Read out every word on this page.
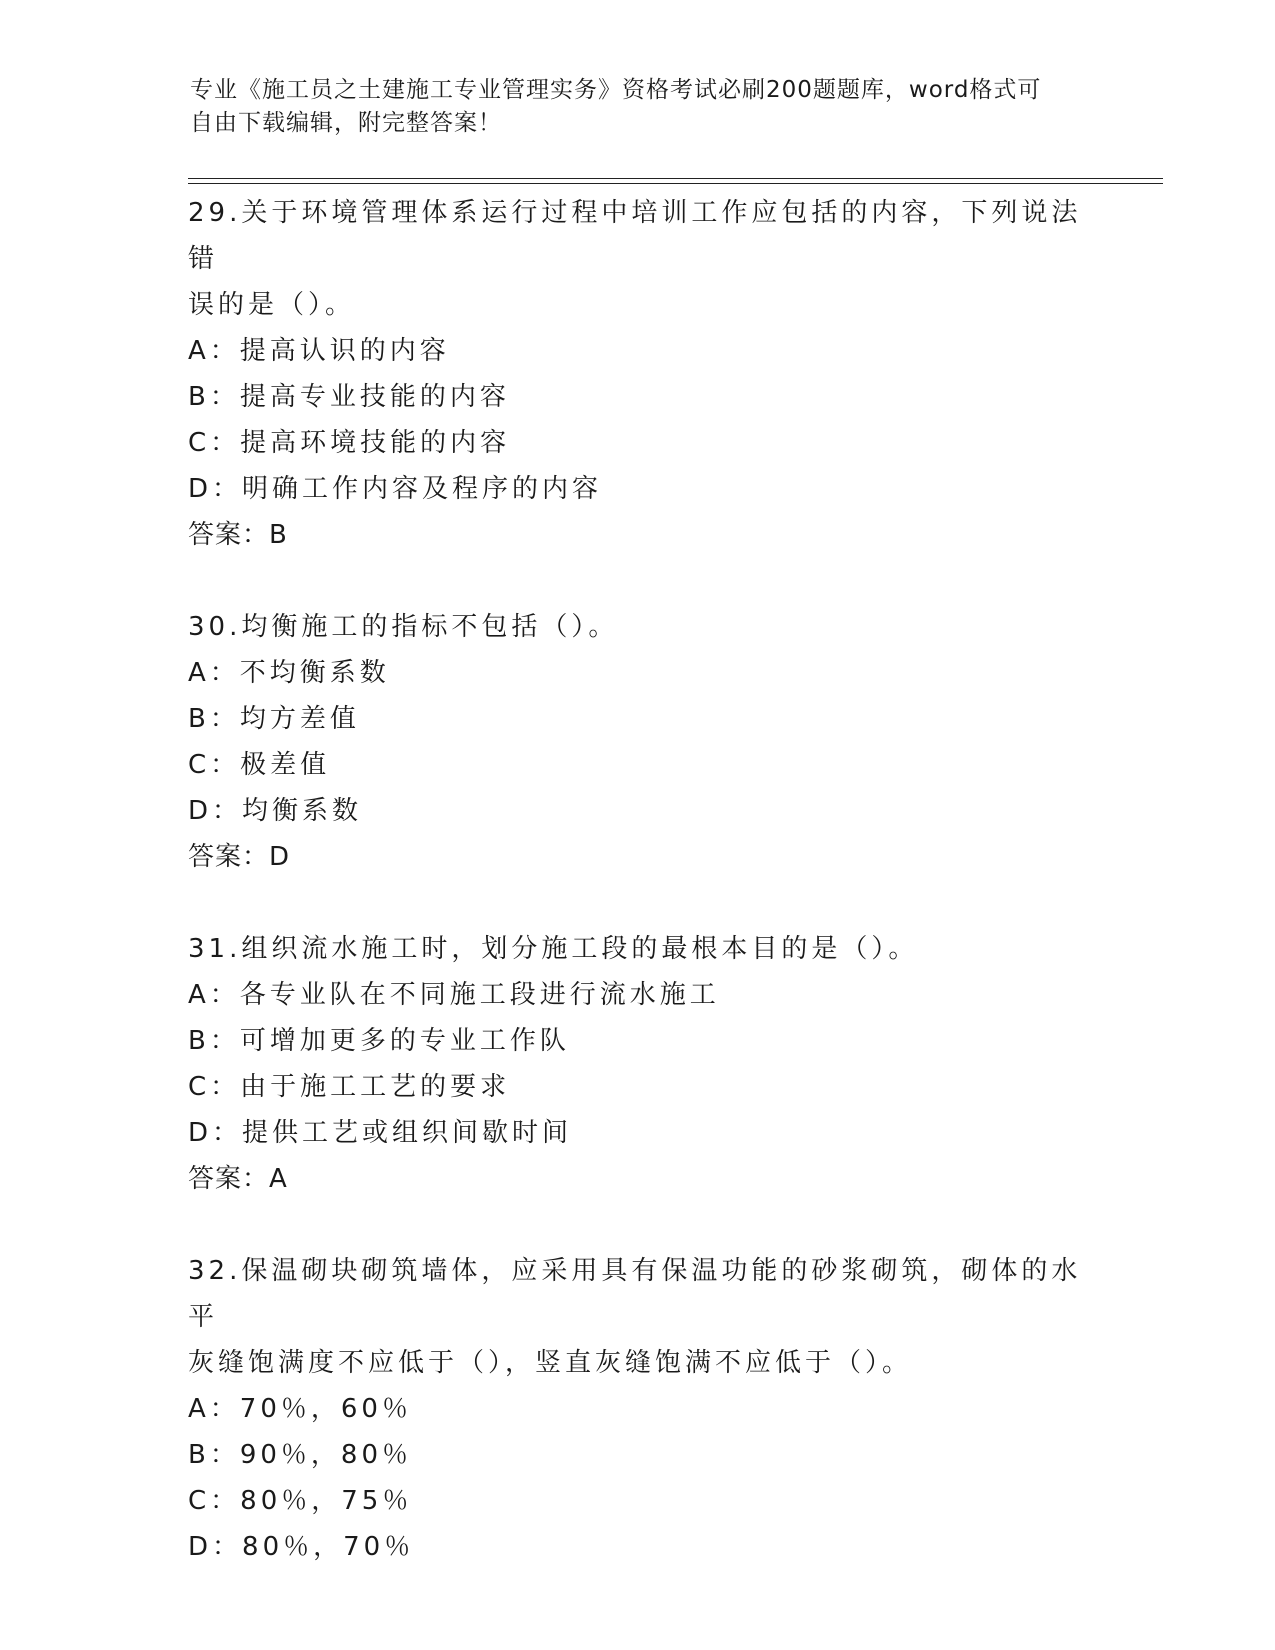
专业《施工员之土建施工专业管理实务》资格考试必刷200题题库，word格式可
自由下载编辑，附完整答案！
29.关于环境管理体系运行过程中培训工作应包括的内容，下列说法错
误的是（）。
A：提高认识的内容
B：提高专业技能的内容
C：提高环境技能的内容
D：明确工作内容及程序的内容
答案：B
30.均衡施工的指标不包括（）。
A：不均衡系数
B：均方差值
C：极差值
D：均衡系数
答案：D
31.组织流水施工时，划分施工段的最根本目的是（）。
A：各专业队在不同施工段进行流水施工
B：可增加更多的专业工作队
C：由于施工工艺的要求
D：提供工艺或组织间歇时间
答案：A
32.保温砌块砌筑墙体，应采用具有保温功能的砂浆砌筑，砌体的水平
灰缝饱满度不应低于（），竖直灰缝饱满不应低于（）。
A：70％，60％
B：90％，80％
C：80％，75％
D：80％，70％
